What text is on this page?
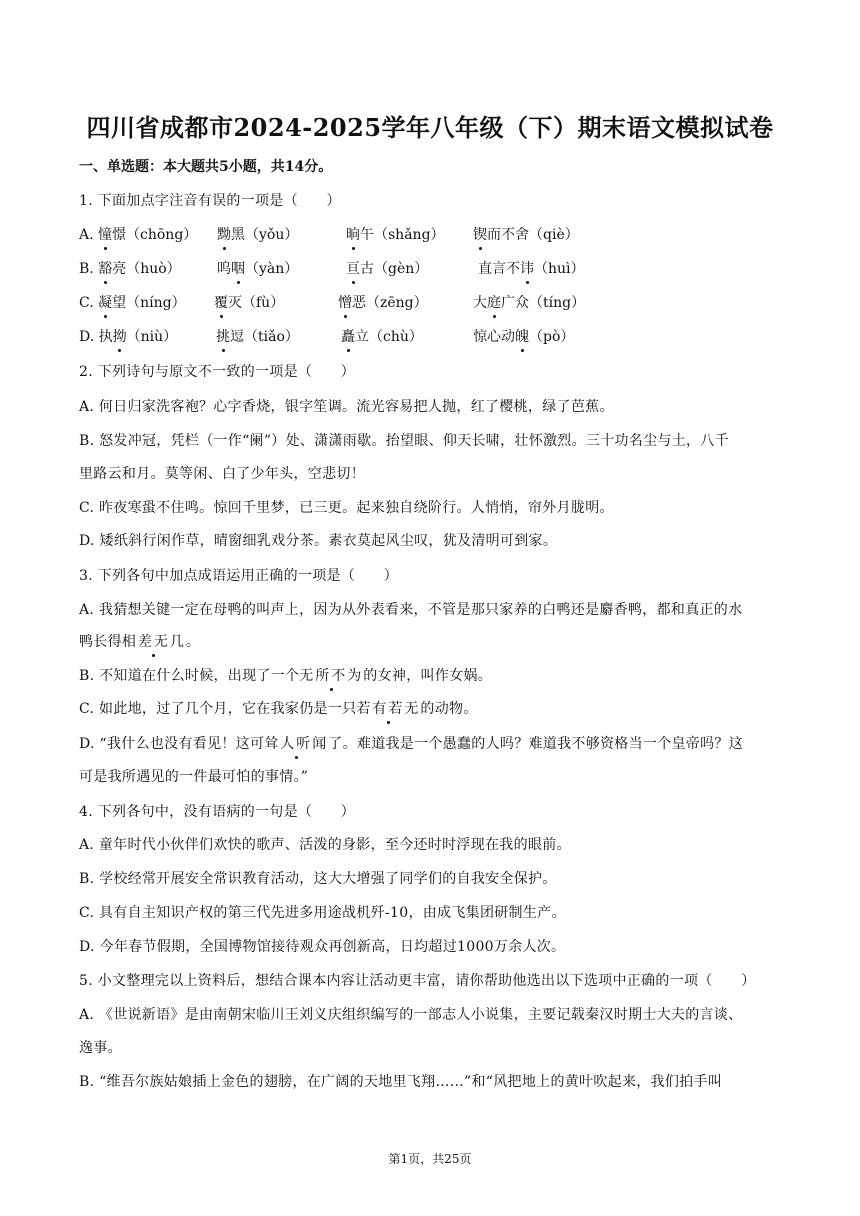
四川省成都市2024-2025学年八年级（下）期末语文模拟试卷
一、单选题：本大题共5小题，共14分。
1. 下面加点字注音有误的一项是（　　）
A. 憧憬（chōng） 黝黑（yǒu）	晌午（shǎng） 锲而不舍（qiè）
B. 豁亮（huò）	呜咽（yàn）	亘古（gèn）	直言不讳（huì）
C. 凝望（níng） 覆灭（fù）	憎恶（zēng）	大庭广众（tíng）
D. 执拗（niù）	挑逗（tiǎo）	矗立（chù）	惊心动魄（pò）
2. 下列诗句与原文不一致的一项是（　　）
A. 何日归家洗客袍？心字香烧，银字笙调。流光容易把人抛，红了樱桃，绿了芭蕉。
B. 怒发冲冠，凭栏（一作“阑”）处、潇潇雨歇。抬望眼、仰天长啸，壮怀激烈。三十功名尘与土，八千
里路云和月。莫等闲、白了少年头，空悲切！
C. 昨夜寒蛩不住鸣。惊回千里梦，已三更。起来独自绕阶行。人悄悄，帘外月胧明。
D. 矮纸斜行闲作草，晴窗细乳戏分茶。素衣莫起风尘叹，犹及清明可到家。
3. 下列各句中加点成语运用正确的一项是（　　）
A. 我猜想关键一定在母鸭的叫声上，因为从外表看来，不管是那只家养的白鸭还是麝香鸭，都和真正的水
鸭长得相差无几。
B. 不知道在什么时候，出现了一个无所不为的女神，叫作女娲。
C. 如此地，过了几个月，它在我家仍是一只若有若无的动物。
D. “我什么也没有看见！这可耸人听闻了。难道我是一个愚蠢的人吗？难道我不够资格当一个皇帝吗？这
可是我所遇见的一件最可怕的事情。”
4. 下列各句中，没有语病的一句是（　　）
A. 童年时代小伙伴们欢快的歌声、活泼的身影，至今还时时浮现在我的眼前。
B. 学校经常开展安全常识教育活动，这大大增强了同学们的自我安全保护。
C. 具有自主知识产权的第三代先进多用途战机歼-10，由成飞集团研制生产。
D. 今年春节假期，全国博物馆接待观众再创新高，日均超过1000万余人次。
5. 小文整理完以上资料后，想结合课本内容让活动更丰富，请你帮助他选出以下选项中正确的一项（　　）
A. 《世说新语》是由南朝宋临川王刘义庆组织编写的一部志人小说集，主要记载秦汉时期士大夫的言谈、
逸事。
B. “维吾尔族姑娘插上金色的翅膀，在广阔的天地里飞翔……”和“风把地上的黄叶吹起来，我们拍手叫
第1页，共25页
